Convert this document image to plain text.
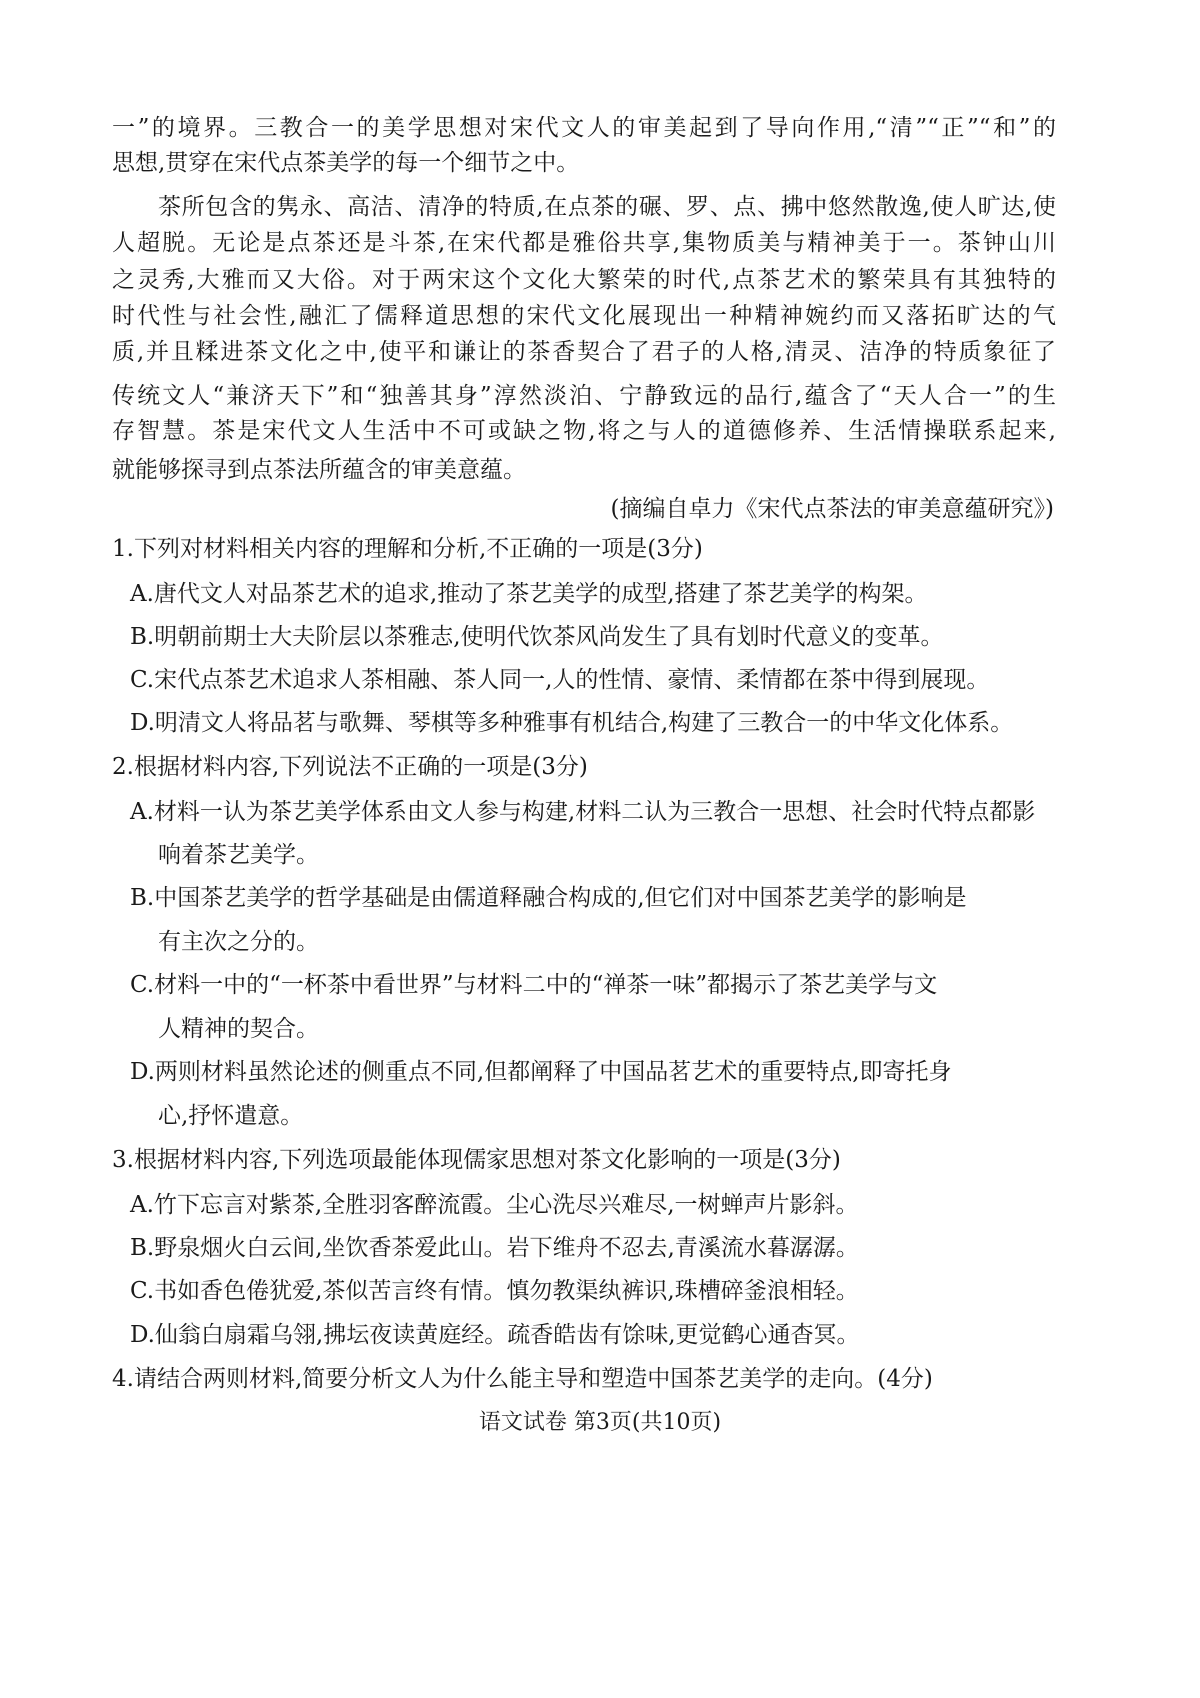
一”的境界。三教合一的美学思想对宋代文人的审美起到了导向作用,“清”“正”“和”的
思想,贯穿在宋代点茶美学的每一个细节之中。
茶所包含的隽永、高洁、清净的特质,在点茶的碾、罗、点、拂中悠然散逸,使人旷达,使
人超脱。无论是点茶还是斗茶,在宋代都是雅俗共享,集物质美与精神美于一。茶钟山川
之灵秀,大雅而又大俗。对于两宋这个文化大繁荣的时代,点茶艺术的繁荣具有其独特的
时代性与社会性,融汇了儒释道思想的宋代文化展现出一种精神婉约而又落拓旷达的气
质,并且糅进茶文化之中,使平和谦让的茶香契合了君子的人格,清灵、洁净的特质象征了
传统文人“兼济天下”和“独善其身”淳然淡泊、宁静致远的品行,蕴含了“天人合一”的生
存智慧。茶是宋代文人生活中不可或缺之物,将之与人的道德修养、生活情操联系起来,
就能够探寻到点茶法所蕴含的审美意蕴。
(摘编自卓力《宋代点茶法的审美意蕴研究》)
1.下列对材料相关内容的理解和分析,不正确的一项是(3分)
A.唐代文人对品茶艺术的追求,推动了茶艺美学的成型,搭建了茶艺美学的构架。
B.明朝前期士大夫阶层以茶雅志,使明代饮茶风尚发生了具有划时代意义的变革。
C.宋代点茶艺术追求人茶相融、茶人同一,人的性情、豪情、柔情都在茶中得到展现。
D.明清文人将品茗与歌舞、琴棋等多种雅事有机结合,构建了三教合一的中华文化体系。
2.根据材料内容,下列说法不正确的一项是(3分)
A.材料一认为茶艺美学体系由文人参与构建,材料二认为三教合一思想、社会时代特点都影
响着茶艺美学。
B.中国茶艺美学的哲学基础是由儒道释融合构成的,但它们对中国茶艺美学的影响是
有主次之分的。
C.材料一中的“一杯茶中看世界”与材料二中的“禅茶一味”都揭示了茶艺美学与文
人精神的契合。
D.两则材料虽然论述的侧重点不同,但都阐释了中国品茗艺术的重要特点,即寄托身
心,抒怀遣意。
3.根据材料内容,下列选项最能体现儒家思想对茶文化影响的一项是(3分)
A.竹下忘言对紫茶,全胜羽客醉流霞。尘心洗尽兴难尽,一树蝉声片影斜。
B.野泉烟火白云间,坐饮香茶爱此山。岩下维舟不忍去,青溪流水暮潺潺。
C.书如香色倦犹爱,茶似苦言终有情。慎勿教渠纨裤识,珠槽碎釜浪相轻。
D.仙翁白扇霜乌翎,拂坛夜读黄庭经。疏香皓齿有馀味,更觉鹤心通杳冥。
4.请结合两则材料,简要分析文人为什么能主导和塑造中国茶艺美学的走向。(4分)
语文试卷 第3页(共10页)
